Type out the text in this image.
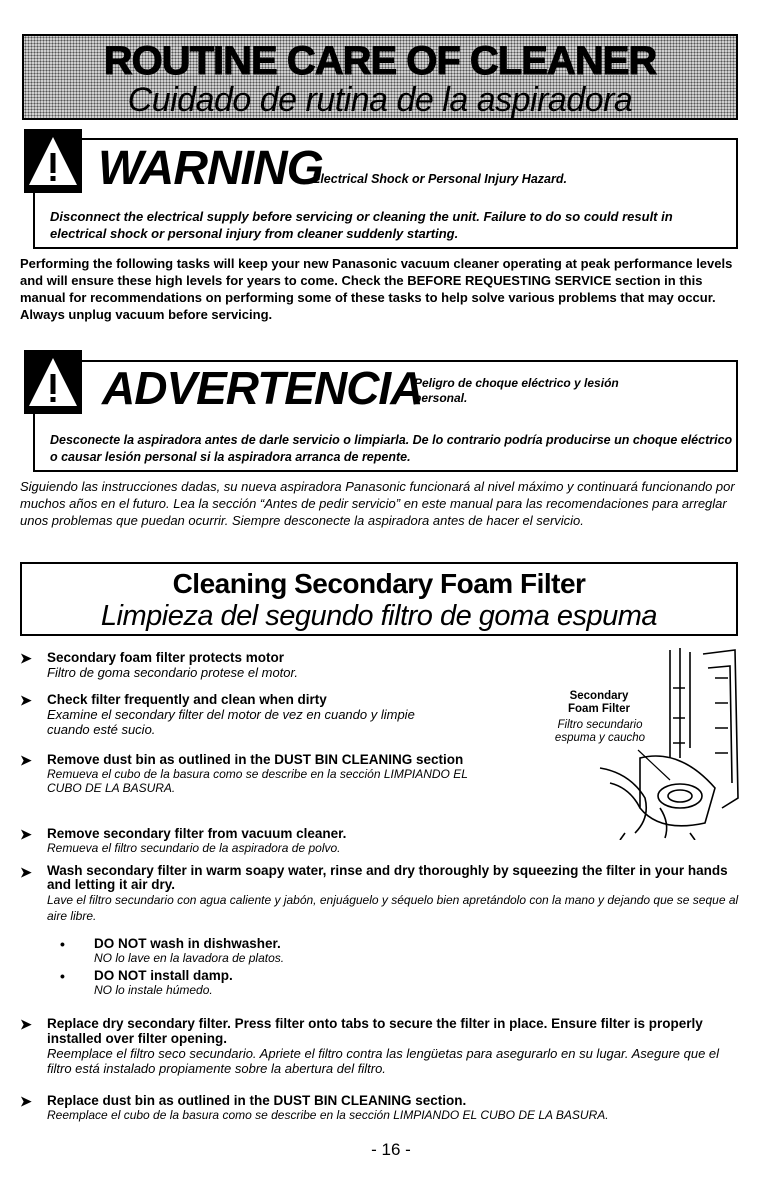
ROUTINE CARE OF CLEANER
Cuidado de rutina de la aspiradora
WARNING
Electrical Shock or Personal Injury Hazard.
Disconnect the electrical supply before servicing or cleaning the unit. Failure to do so could result in electrical shock or personal injury from cleaner suddenly starting.
Performing the following tasks will keep your new Panasonic vacuum cleaner operating at peak performance levels and will ensure these high levels for years to come. Check the BEFORE REQUESTING SERVICE section in this manual for recommendations on performing some of these tasks to help solve various problems that may occur. Always unplug vacuum before servicing.
ADVERTENCIA
Peligro de choque eléctrico y lesión personal.
Desconecte la aspiradora antes de darle servicio o limpiarla. De lo contrario podría producirse un choque eléctrico o causar lesión personal si la aspiradora arranca de repente.
Siguiendo las instrucciones dadas, su nueva aspiradora Panasonic funcionará al nivel máximo y continuará funcionando por muchos años en el futuro. Lea la sección “Antes de pedir servicio” en este manual para las recomendaciones para arreglar unos problemas que puedan ocurrir. Siempre desconecte la aspiradora antes de hacer el servicio.
Cleaning Secondary Foam Filter
Limpieza del segundo filtro de goma espuma
Secondary Foam Filter
Filtro secundario espuma y caucho
➤ Secondary foam filter protects motor
Filtro de goma secondario protese el motor.
➤ Check filter frequently and clean when dirty
Examine el secondary filter del motor de vez en cuando y limpie cuando esté sucio.
➤ Remove dust bin as outlined in the DUST BIN CLEANING section
Remueva el cubo de la basura como se describe en la sección LIMPIANDO EL CUBO DE LA BASURA.
➤ Remove secondary filter from vacuum cleaner.
Remueva el filtro secundario de la aspiradora de polvo.
➤ Wash secondary filter in warm soapy water, rinse and dry thoroughly by squeezing the filter in your hands and letting it air dry.
Lave el filtro secundario con agua caliente y jabón, enjuáguelo y séquelo bien apretándolo con la mano y dejando que se seque al aire libre.
• DO NOT wash in dishwasher.
NO lo lave en la lavadora de platos.
• DO NOT install damp.
NO lo instale húmedo.
➤ Replace dry secondary filter. Press filter onto tabs to secure the filter in place. Ensure filter is properly installed over filter opening.
Reemplace el filtro seco secundario. Apriete el filtro contra las lengüetas para asegurarlo en su lugar. Asegure que el filtro está instalado propiamente sobre la abertura del filtro.
➤ Replace dust bin as outlined in the DUST BIN CLEANING section.
Reemplace el cubo de la basura como se describe en la sección LIMPIANDO EL CUBO DE LA BASURA.
- 16 -
